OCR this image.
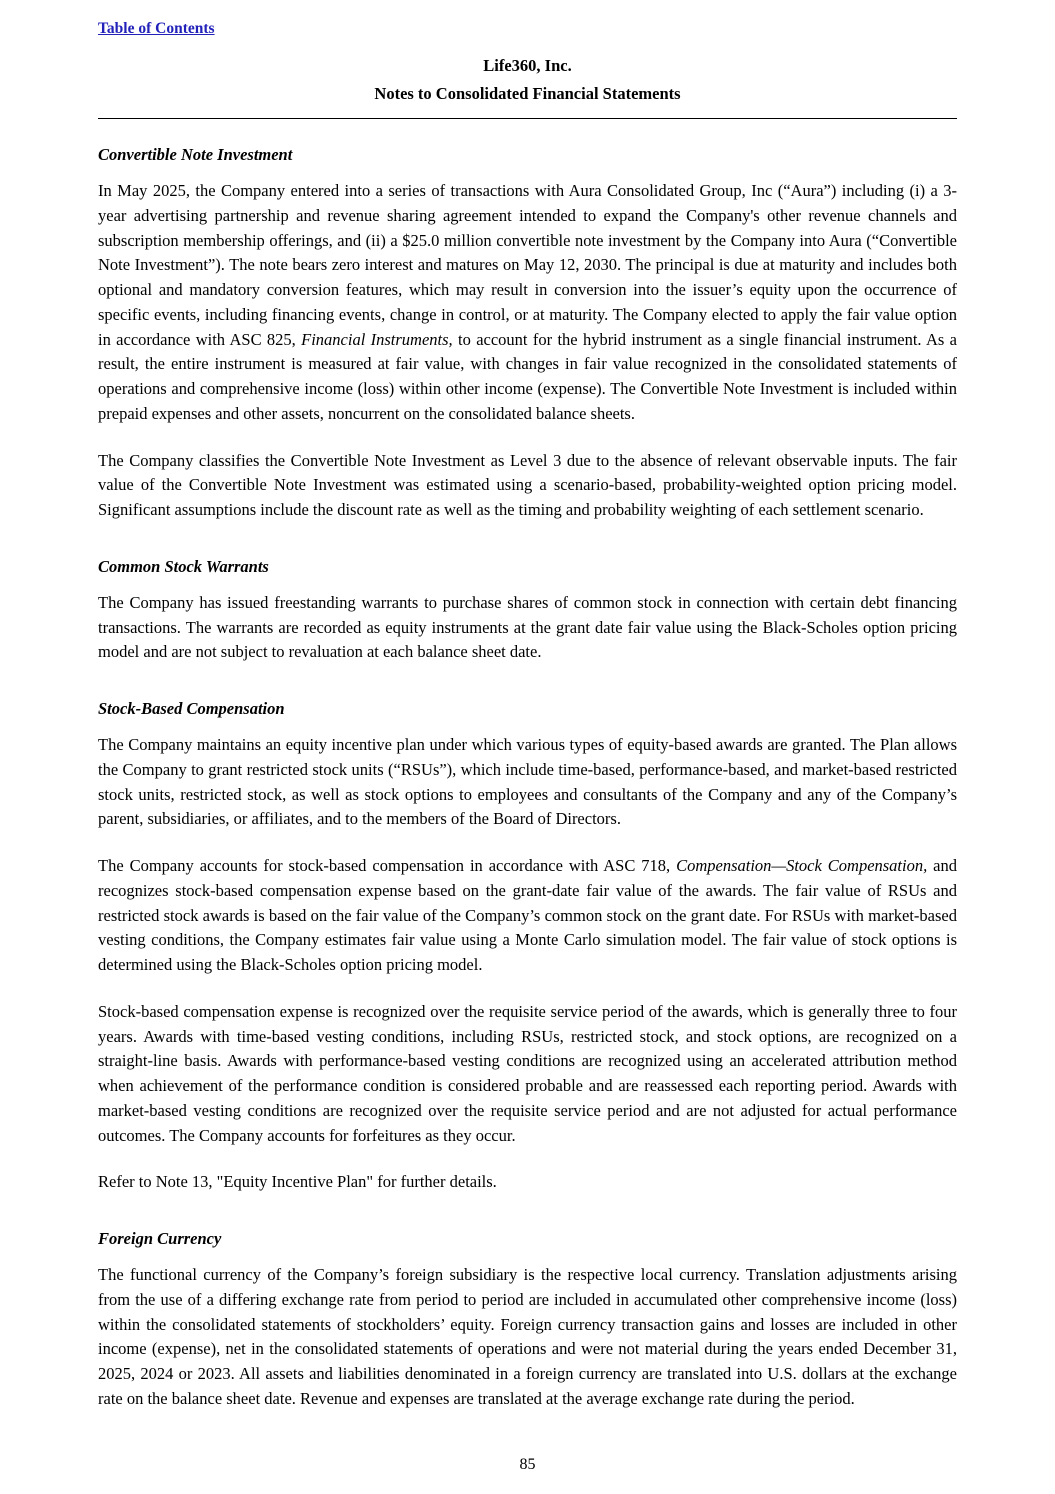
Table of Contents
Life360, Inc.
Notes to Consolidated Financial Statements
Convertible Note Investment

In May 2025, the Company entered into a series of transactions with Aura Consolidated Group, Inc (“Aura”) including (i) a 3-year advertising partnership and revenue sharing agreement intended to expand the Company's other revenue channels and subscription membership offerings, and (ii) a $25.0 million convertible note investment by the Company into Aura (“Convertible Note Investment”). The note bears zero interest and matures on May 12, 2030. The principal is due at maturity and includes both optional and mandatory conversion features, which may result in conversion into the issuer’s equity upon the occurrence of specific events, including financing events, change in control, or at maturity. The Company elected to apply the fair value option in accordance with ASC 825, Financial Instruments, to account for the hybrid instrument as a single financial instrument. As a result, the entire instrument is measured at fair value, with changes in fair value recognized in the consolidated statements of operations and comprehensive income (loss) within other income (expense). The Convertible Note Investment is included within prepaid expenses and other assets, noncurrent on the consolidated balance sheets.

The Company classifies the Convertible Note Investment as Level 3 due to the absence of relevant observable inputs. The fair value of the Convertible Note Investment was estimated using a scenario-based, probability-weighted option pricing model. Significant assumptions include the discount rate as well as the timing and probability weighting of each settlement scenario.

Common Stock Warrants

The Company has issued freestanding warrants to purchase shares of common stock in connection with certain debt financing transactions. The warrants are recorded as equity instruments at the grant date fair value using the Black-Scholes option pricing model and are not subject to revaluation at each balance sheet date.

Stock-Based Compensation

The Company maintains an equity incentive plan under which various types of equity-based awards are granted. The Plan allows the Company to grant restricted stock units (“RSUs”), which include time-based, performance-based, and market-based restricted stock units, restricted stock, as well as stock options to employees and consultants of the Company and any of the Company’s parent, subsidiaries, or affiliates, and to the members of the Board of Directors.

The Company accounts for stock-based compensation in accordance with ASC 718, Compensation—Stock Compensation, and recognizes stock-based compensation expense based on the grant-date fair value of the awards. The fair value of RSUs and restricted stock awards is based on the fair value of the Company’s common stock on the grant date. For RSUs with market-based vesting conditions, the Company estimates fair value using a Monte Carlo simulation model. The fair value of stock options is determined using the Black-Scholes option pricing model.

Stock-based compensation expense is recognized over the requisite service period of the awards, which is generally three to four years. Awards with time-based vesting conditions, including RSUs, restricted stock, and stock options, are recognized on a straight-line basis. Awards with performance-based vesting conditions are recognized using an accelerated attribution method when achievement of the performance condition is considered probable and are reassessed each reporting period. Awards with market-based vesting conditions are recognized over the requisite service period and are not adjusted for actual performance outcomes. The Company accounts for forfeitures as they occur.

Refer to Note 13, "Equity Incentive Plan" for further details.

Foreign Currency

The functional currency of the Company’s foreign subsidiary is the respective local currency. Translation adjustments arising from the use of a differing exchange rate from period to period are included in accumulated other comprehensive income (loss) within the consolidated statements of stockholders’ equity. Foreign currency transaction gains and losses are included in other income (expense), net in the consolidated statements of operations and were not material during the years ended December 31, 2025, 2024 or 2023. All assets and liabilities denominated in a foreign currency are translated into U.S. dollars at the exchange rate on the balance sheet date. Revenue and expenses are translated at the average exchange rate during the period.

85
